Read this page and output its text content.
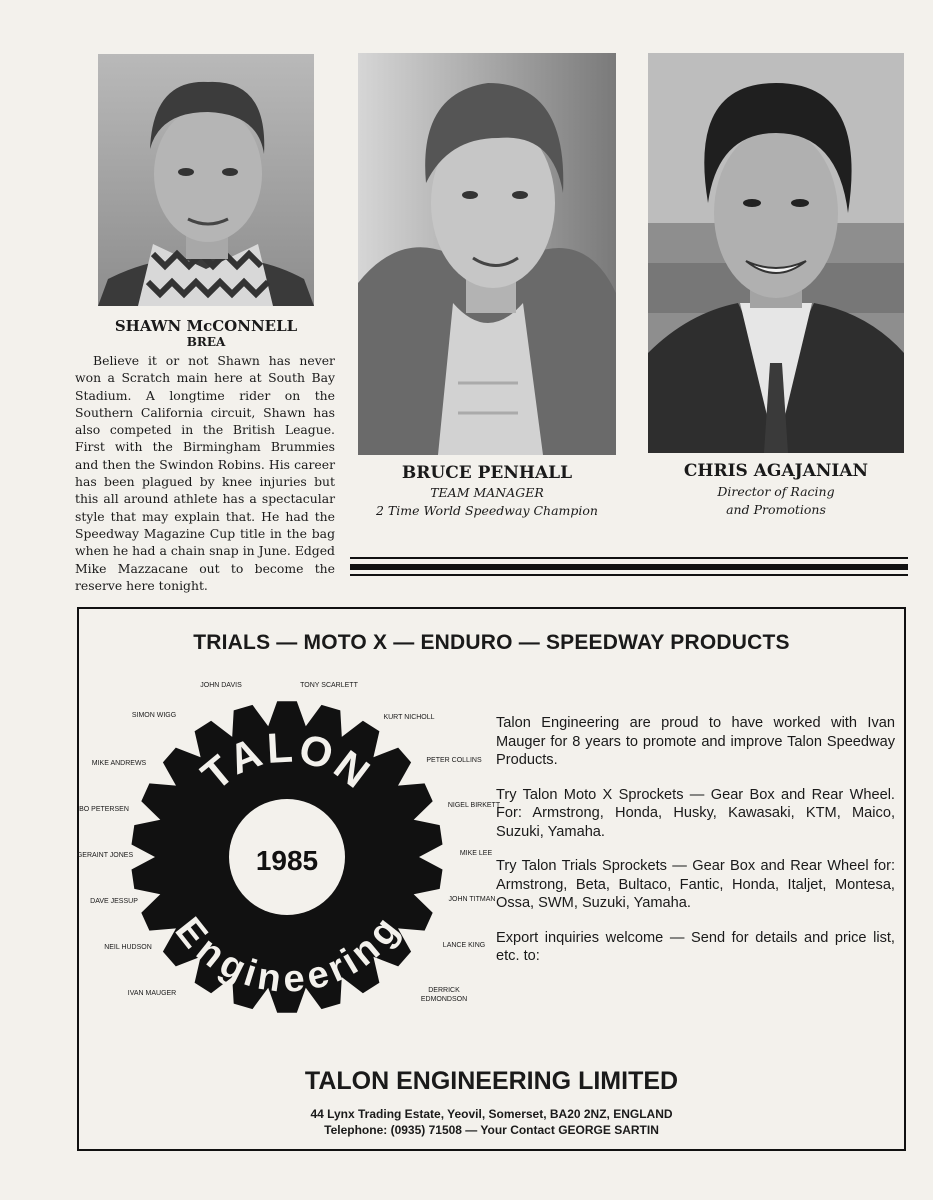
SHAWN McCONNELL
BREA
Believe it or not Shawn has never won a Scratch main here at South Bay Stadium. A longtime rider on the Southern California circuit, Shawn has also competed in the British League. First with the Birmingham Brummies and then the Swindon Robins. His career has been plagued by knee injuries but this all around athlete has a spectacular style that may explain that. He had the Speedway Magazine Cup title in the bag when he had a chain snap in June. Edged Mike Mazzacane out to become the reserve here tonight.
BRUCE PENHALL
TEAM MANAGER
2 Time World Speedway Champion
CHRIS AGAJANIAN
Director of Racing
and Promotions
TRIALS — MOTO X — ENDURO — SPEEDWAY PRODUCTS
TALON
Engineering
1985
JOHN DAVIS	TONY SCARLETT
KURT NICHOLL
PETER COLLINS
NIGEL BIRKETT
MIKE LEE
JOHN TITMAN
LANCE KING
DERRICK EDMONDSON
IVAN MAUGER
NEIL HUDSON
DAVE JESSUP
GERAINT JONES
BO PETERSEN
MIKE ANDREWS
SIMON WIGG	Talon Engineering are proud to have worked with Ivan Mauger for 8 years to promote and improve Talon Speedway Products.

Try Talon Moto X Sprockets — Gear Box and Rear Wheel. For: Armstrong, Honda, Husky, Kawasaki, KTM, Maico, Suzuki, Yamaha.

Try Talon Trials Sprockets — Gear Box and Rear Wheel for: Armstrong, Beta, Bultaco, Fantic, Honda, Italjet, Montesa, Ossa, SWM, Suzuki, Yamaha.

Export inquiries welcome — Send for details and price list, etc. to:

TALON ENGINEERING LIMITED
44 Lynx Trading Estate, Yeovil, Somerset, BA20 2NZ, ENGLAND
Telephone: (0935) 71508 — Your Contact GEORGE SARTIN
